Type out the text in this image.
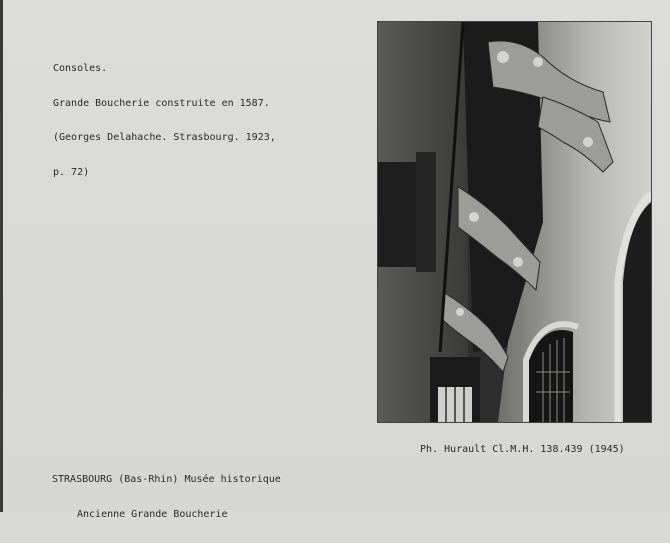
Consoles.

Grande Boucherie construite en 1587.

(Georges Delahache. Strasbourg. 1923,

p. 72)

STRASBOURG (Bas-Rhin) Musée historique

Ancienne Grande Boucherie

Ph. Hurault Cl.M.H. 138.439 (1945)
